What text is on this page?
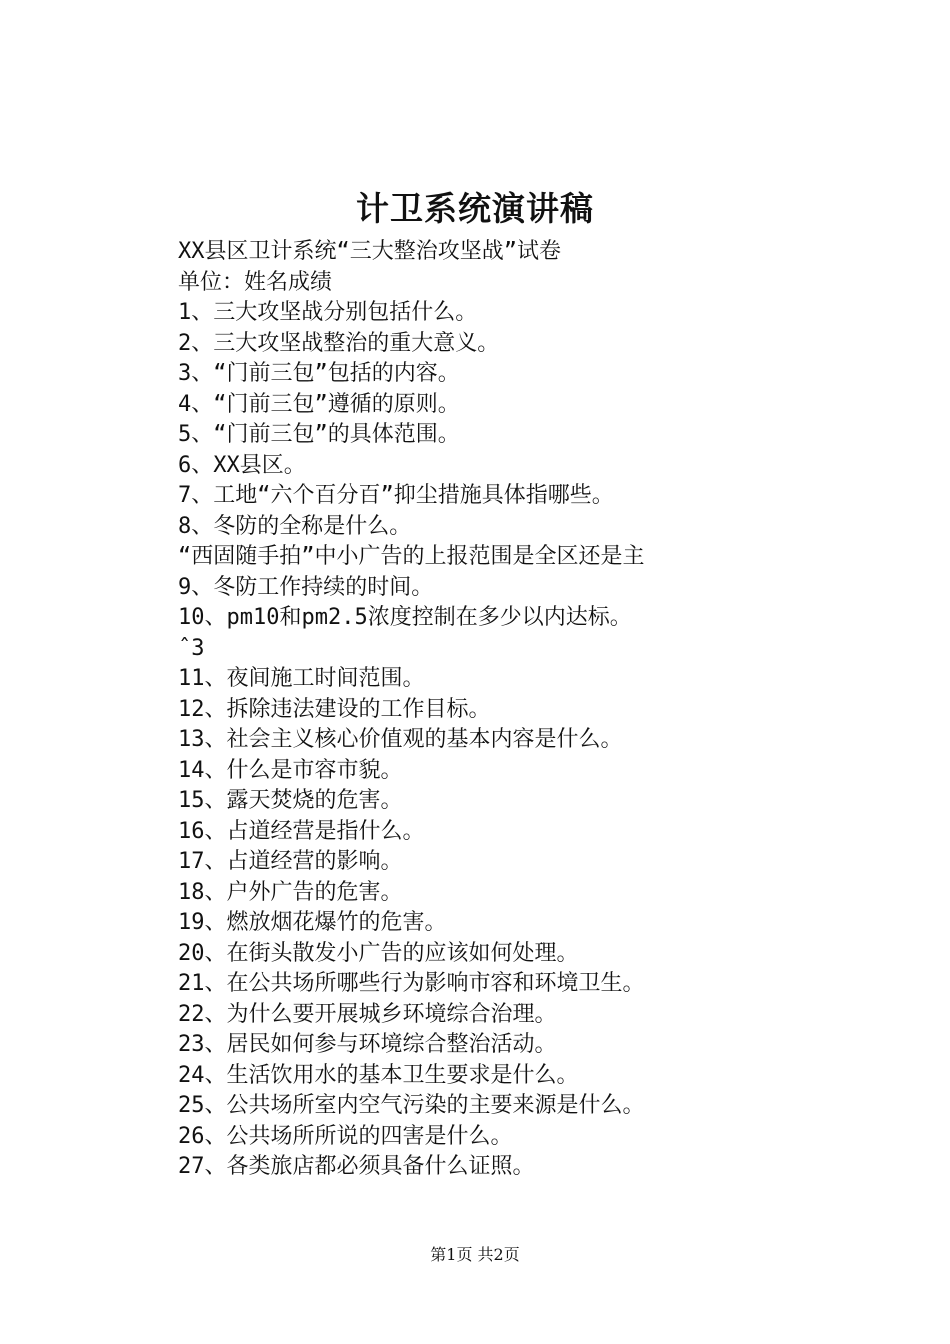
计卫系统演讲稿
XX县区卫计系统“三大整治攻坚战”试卷
单位：姓名成绩
1、三大攻坚战分别包括什么。
2、三大攻坚战整治的重大意义。
3、“门前三包”包括的内容。
4、“门前三包”遵循的原则。
5、“门前三包”的具体范围。
6、XX县区。
7、工地“六个百分百”抑尘措施具体指哪些。
8、冬防的全称是什么。
“西固随手拍”中小广告的上报范围是全区还是主
9、冬防工作持续的时间。
10、pm10和pm2.5浓度控制在多少以内达标。
ˆ3
11、夜间施工时间范围。
12、拆除违法建设的工作目标。
13、社会主义核心价值观的基本内容是什么。
14、什么是市容市貌。
15、露天焚烧的危害。
16、占道经营是指什么。
17、占道经营的影响。
18、户外广告的危害。
19、燃放烟花爆竹的危害。
20、在街头散发小广告的应该如何处理。
21、在公共场所哪些行为影响市容和环境卫生。
22、为什么要开展城乡环境综合治理。
23、居民如何参与环境综合整治活动。
24、生活饮用水的基本卫生要求是什么。
25、公共场所室内空气污染的主要来源是什么。
26、公共场所所说的四害是什么。
27、各类旅店都必须具备什么证照。
第1页 共2页
